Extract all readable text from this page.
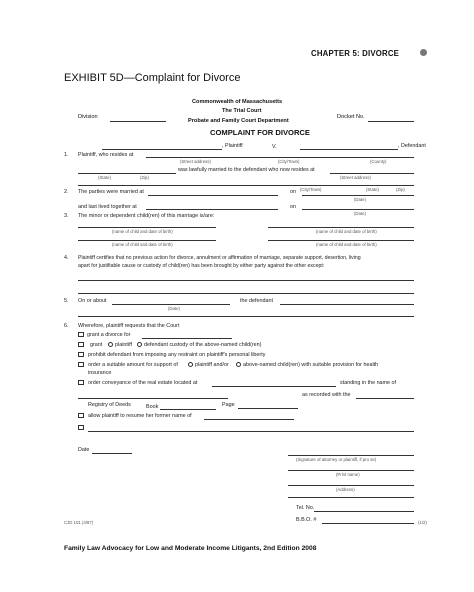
CHAPTER 5: DIVORCE
EXHIBIT 5D—Complaint for Divorce
Commonwealth of Massachusetts
The Trial Court
Probate and Family Court Department
Division	Docket No.
COMPLAINT FOR DIVORCE
, Plaintiff	V.	, Defendant
1. Plaintiff, who resides at
(Street address)	(City/Town)	(County)
was lawfully married to the defendant who now resides at
(State)	(Zip)	(Street address)
(City/Town)	(State)	(Zip)
2. The parties were married at	on
(Date)
and last lived together at	on
(Date)
3. The minor or dependent child(ren) of this marriage is/are:
(name of child and date of birth)	(name of child and date of birth)
(name of child and date of birth)	(name of child and date of birth)
4. Plaintiff certifies that no previous action for divorce, annulment or affirmation of marriage, separate support, desertion, living
apart for justifiable cause or custody of child(ren) has been brought by either party against the other except:
5. On or about
(Date)
the defendant
6. Wherefore, plaintiff requests that the Court
grant a divorce for
grant plaintiff defendant custody of the above-named child(ren)
prohibit defendant from imposing any restraint on plaintiff's personal liberty
order a suitable amount for support of	plaintiff and/or	above-named child(ren) with suitable provision for health
insurance
order conveyance of the real estate located at	standing in the name of
as recorded with the
Registry of Deeds	Book	Page
allow plaintiff to resume her former name of
Date
(Signature of attorney or plaintiff, if pro se)
(Print name)
(Address)
Tel. No.
B.B.O. #
CJD 101 (4/87)	(1/2)
Family Law Advocacy for Low and Moderate Income Litigants, 2nd Edition 2008
